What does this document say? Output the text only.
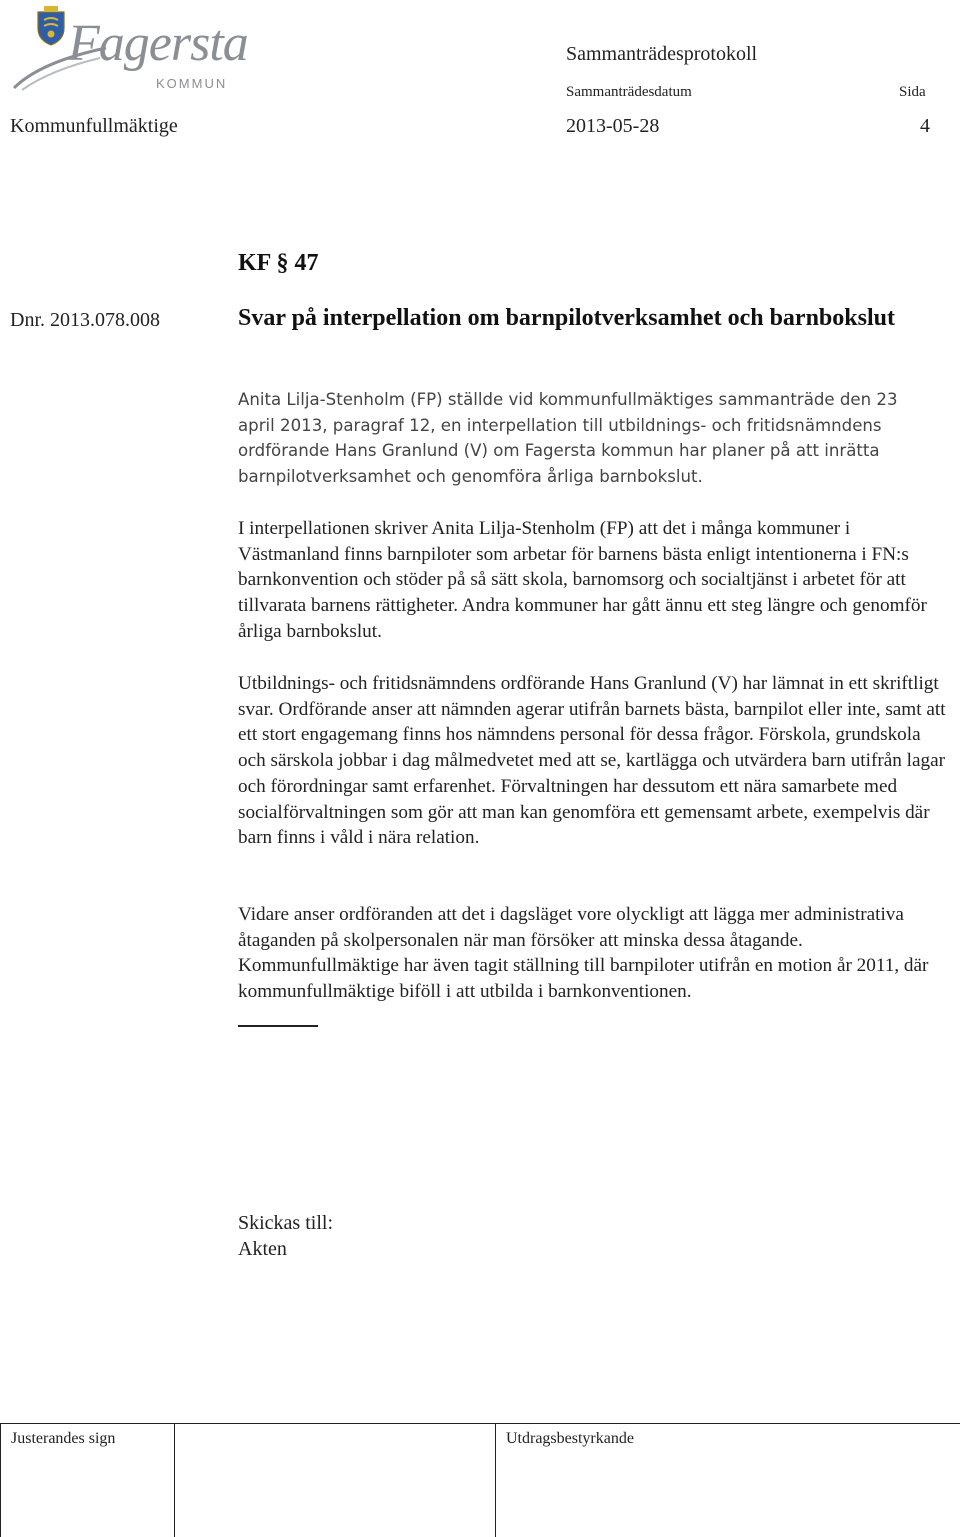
Fagersta
KOMMUN
Sammanträdesprotokoll
Sammanträdesdatum	Sida
Kommunfullmäktige	2013-05-28	4
KF § 47
Dnr. 2013.078.008	Svar på interpellation om barnpilotverksamhet och barnbokslut

Anita Lilja-Stenholm (FP) ställde vid kommunfullmäktiges sammanträde den 23 april 2013, paragraf 12, en interpellation till utbildnings- och fritidsnämndens ordförande Hans Granlund (V) om Fagersta kommun har planer på att inrätta barnpilotverksamhet och genomföra årliga barnbokslut.

I interpellationen skriver Anita Lilja-Stenholm (FP) att det i många kommuner i Västmanland finns barnpiloter som arbetar för barnens bästa enligt intentionerna i FN:s barnkonvention och stöder på så sätt skola, barnomsorg och socialtjänst i arbetet för att tillvarata barnens rättigheter. Andra kommuner har gått ännu ett steg längre och genomför årliga barnbokslut.

Utbildnings- och fritidsnämndens ordförande Hans Granlund (V) har lämnat in ett skriftligt svar. Ordförande anser att nämnden agerar utifrån barnets bästa, barnpilot eller inte, samt att ett stort engagemang finns hos nämndens personal för dessa frågor. Förskola, grundskola och särskola jobbar i dag målmedvetet med att se, kartlägga och utvärdera barn utifrån lagar och förordningar samt erfarenhet. Förvaltningen har dessutom ett nära samarbete med socialförvaltningen som gör att man kan genomföra ett gemensamt arbete, exempelvis där barn finns i våld i nära relation.

Vidare anser ordföranden att det i dagsläget vore olyckligt att lägga mer administrativa åtaganden på skolpersonalen när man försöker att minska dessa åtagande. Kommunfullmäktige har även tagit ställning till barnpiloter utifrån en motion år 2011, där kommunfullmäktige biföll i att utbilda i barnkonventionen.

Skickas till:
Akten
Justerandes sign	Utdragsbestyrkande
